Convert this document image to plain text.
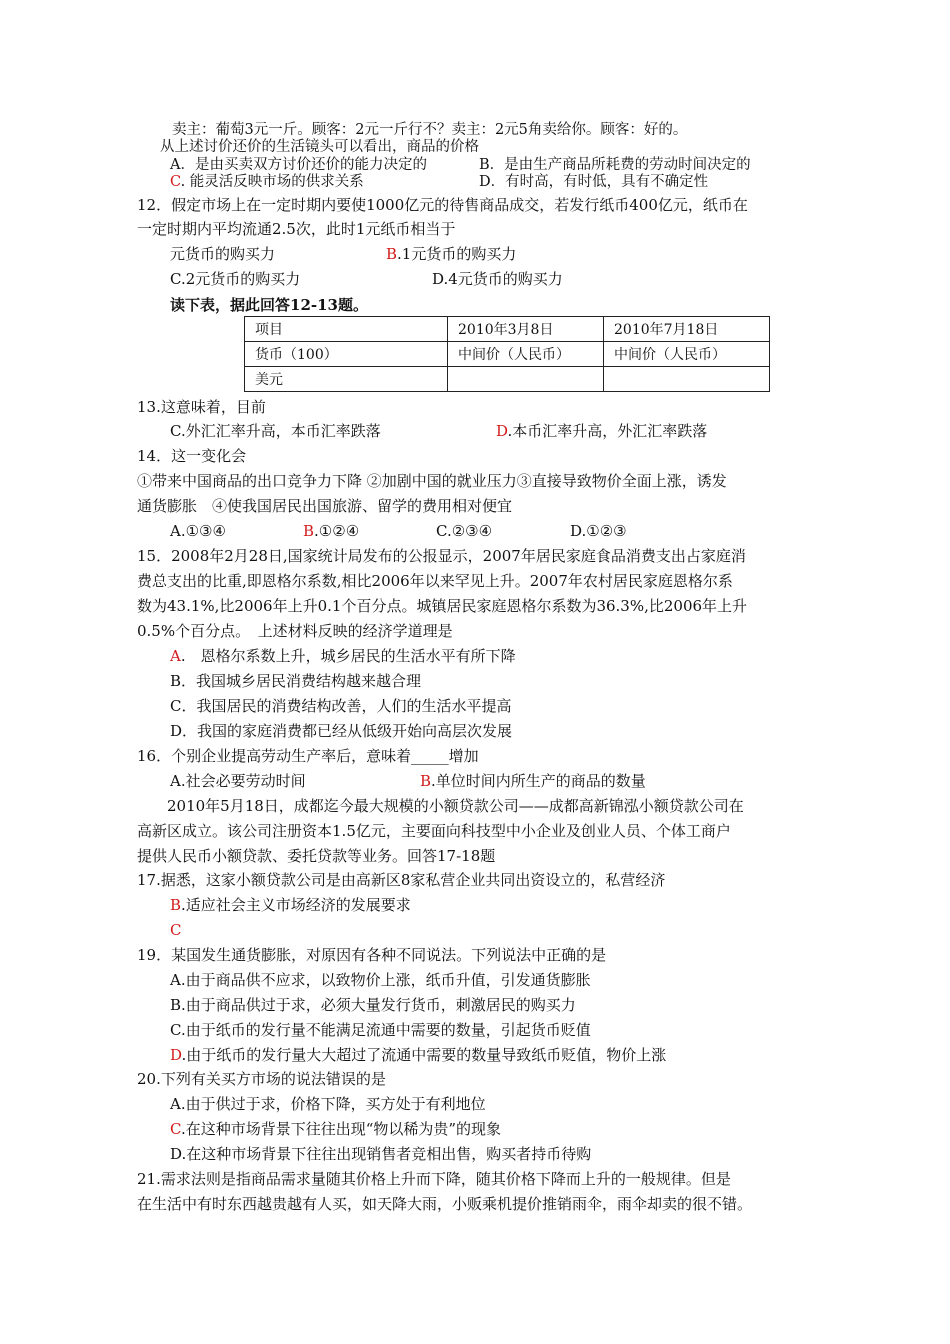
卖主：葡萄3元一斤。顾客：2元一斤行不？卖主：2元5角卖给你。顾客：好的。
从上述讨价还价的生活镜头可以看出，商品的价格
A．是由买卖双方讨价还价的能力决定的	B．是由生产商品所耗费的劳动时间决定的
C. 能灵活反映市场的供求关系	D．有时高，有时低，具有不确定性
12．假定市场上在一定时期内要使1000亿元的待售商品成交，若发行纸币400亿元，纸币在
一定时期内平均流通2.5次，此时1元纸币相当于
元货币的购买力	B.1元货币的购买力
C.2元货币的购买力	D.4元货币的购买力
读下表，据此回答12-13题。
项目	2010年3月8日	2010年7月18日
货币（100）	中间价（人民币）	中间价（人民币）
美元		
13.这意味着，目前
C.外汇汇率升高，本币汇率跌落	D.本币汇率升高，外汇汇率跌落
14．这一变化会
①带来中国商品的出口竞争力下降 ②加剧中国的就业压力③直接导致物价全面上涨，诱发
通货膨胀　④使我国居民出国旅游、留学的费用相对便宜
A.①③④	B.①②④	C.②③④	D.①②③
15．2008年2月28日,国家统计局发布的公报显示，2007年居民家庭食品消费支出占家庭消
费总支出的比重,即恩格尔系数,相比2006年以来罕见上升。2007年农村居民家庭恩格尔系
数为43.1%,比2006年上升0.1个百分点。城镇居民家庭恩格尔系数为36.3%,比2006年上升
0.5%个百分点。　上述材料反映的经济学道理是
A.　恩格尔系数上升，城乡居民的生活水平有所下降
B．我国城乡居民消费结构越来越合理
C．我国居民的消费结构改善，人们的生活水平提高
D．我国的家庭消费都已经从低级开始向高层次发展
16．个别企业提高劳动生产率后，意味着_____增加
A.社会必要劳动时间	B.单位时间内所生产的商品的数量
　　2010年5月18日，成都迄今最大规模的小额贷款公司——成都高新锦泓小额贷款公司在
高新区成立。该公司注册资本1.5亿元，主要面向科技型中小企业及创业人员、个体工商户
提供人民币小额贷款、委托贷款等业务。回答17-18题
17.据悉，这家小额贷款公司是由高新区8家私营企业共同出资设立的，私营经济
B.适应社会主义市场经济的发展要求
C
19．某国发生通货膨胀，对原因有各种不同说法。下列说法中正确的是
A.由于商品供不应求，以致物价上涨，纸币升值，引发通货膨胀
B.由于商品供过于求，必须大量发行货币，刺激居民的购买力
C.由于纸币的发行量不能满足流通中需要的数量，引起货币贬值
D.由于纸币的发行量大大超过了流通中需要的数量导致纸币贬值，物价上涨
20.下列有关买方市场的说法错误的是
A.由于供过于求，价格下降，买方处于有利地位
C.在这种市场背景下往往出现“物以稀为贵”的现象
D.在这种市场背景下往往出现销售者竞相出售，购买者持币待购
21.需求法则是指商品需求量随其价格上升而下降，随其价格下降而上升的一般规律。但是
在生活中有时东西越贵越有人买，如天降大雨，小贩乘机提价推销雨伞，雨伞却卖的很不错。
